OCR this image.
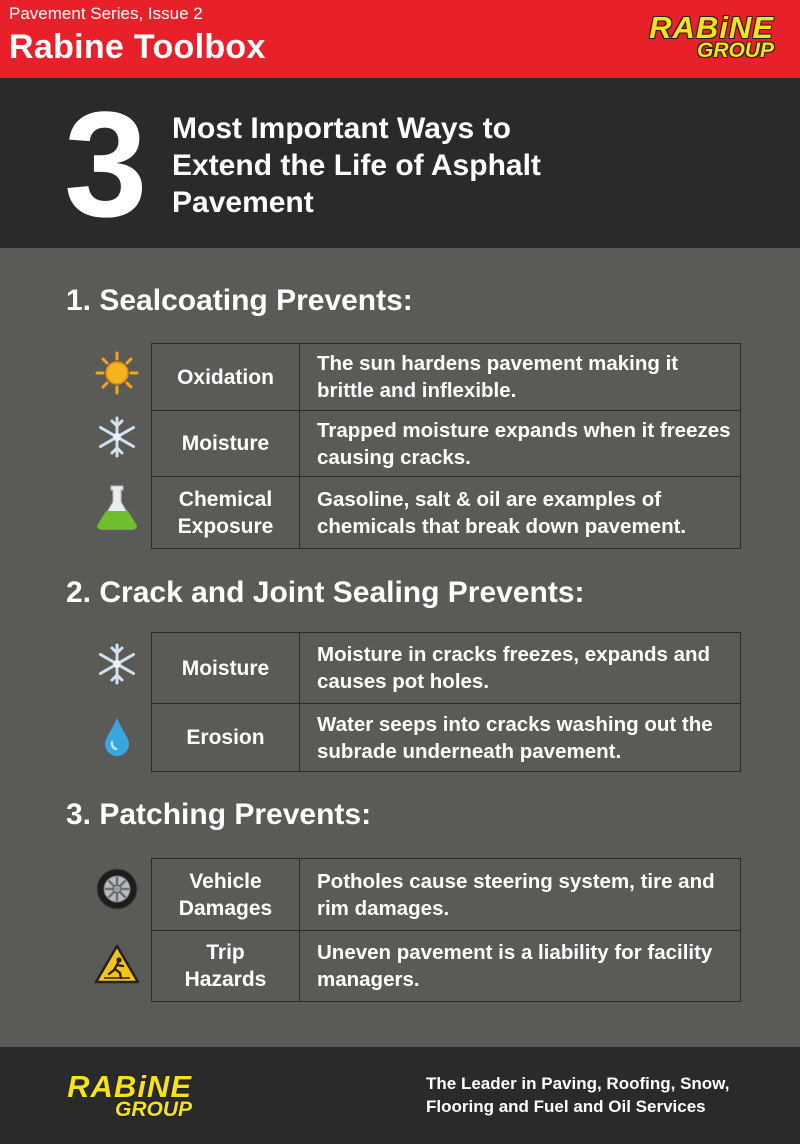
Pavement Series, Issue 2
Rabine Toolbox
RABiNE
GROUP
3 Most Important Ways to Extend the Life of Asphalt Pavement
1. Sealcoating Prevents:
Oxidation
The sun hardens pavement making it brittle and inflexible.
Moisture
Trapped moisture expands when it freezes causing cracks.
Chemical
Exposure
Gasoline, salt & oil are examples of chemicals that break down pavement.
2. Crack and Joint Sealing Prevents:
Moisture
Moisture in cracks freezes, expands and causes pot holes.
Erosion
Water seeps into cracks washing out the subrade underneath pavement.
3. Patching Prevents:
Vehicle
Damages
Potholes cause steering system, tire and rim damages.
Trip
Hazards
Uneven pavement is a liability for facility managers.
RABiNE
GROUP
The Leader in Paving, Roofing, Snow, Flooring and Fuel and Oil Services
